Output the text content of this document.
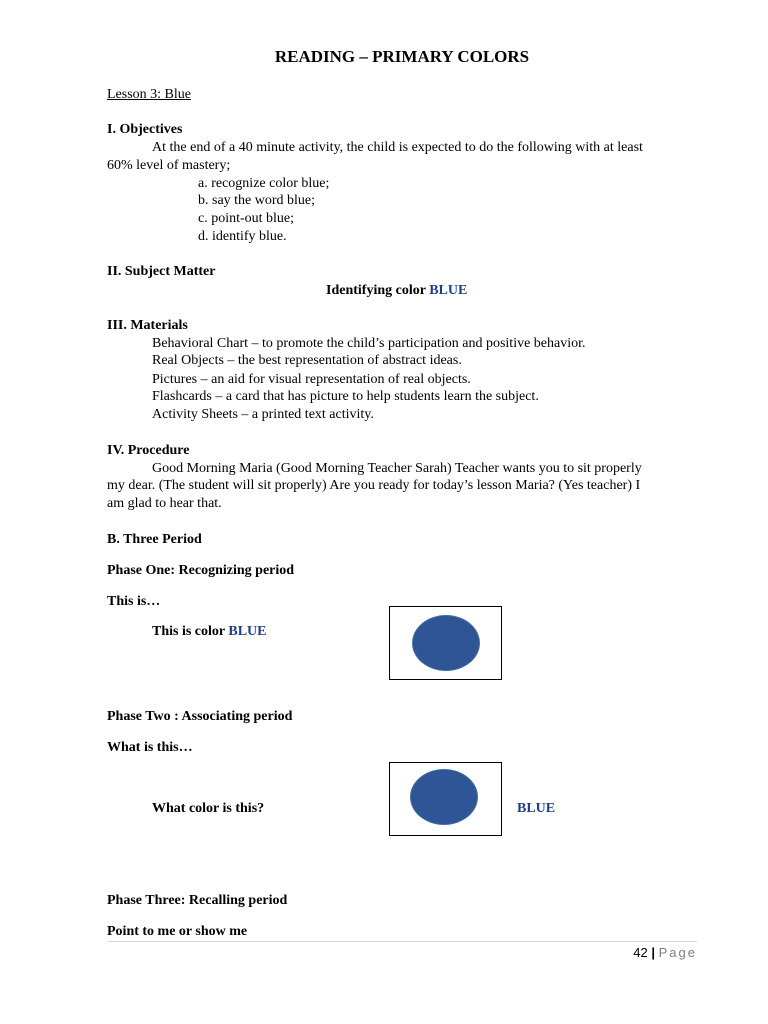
READING – PRIMARY COLORS
Lesson 3: Blue
I. Objectives
At the end of a 40 minute activity, the child is expected to do the following with at least
60% level of mastery;
a. recognize color blue;
b. say the word blue;
c. point-out blue;
d. identify blue.
II. Subject Matter
Identifying color BLUE
III. Materials
Behavioral Chart – to promote the child’s participation and positive behavior.
Real Objects – the best representation of abstract ideas.
Pictures – an aid for visual representation of real objects.
Flashcards – a card that has picture to help students learn the subject.
Activity Sheets – a printed text activity.
IV. Procedure
Good Morning Maria (Good Morning Teacher Sarah) Teacher wants you to sit properly
my dear. (The student will sit properly) Are you ready for today’s lesson Maria? (Yes teacher) I
am glad to hear that.
B. Three Period
Phase One: Recognizing period
This is…
This is color BLUE
Phase Two : Associating period
What is this…
What color is this?	BLUE
Phase Three: Recalling period
Point to me or show me
42 | Page
